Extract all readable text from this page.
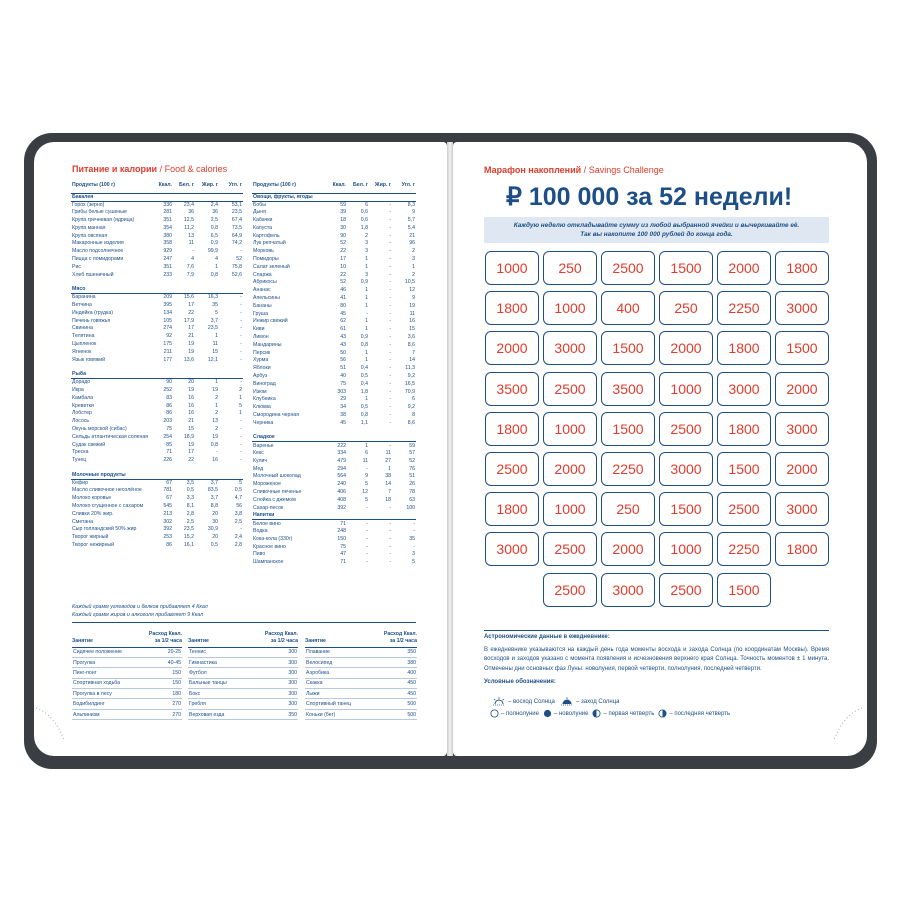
Питание и калории / Food & calories
Продукты (100 г)	Ккал.	Бел. г	Жир. г	Угл. г
Бакалея				
Горох (зерно)	336	23,4	2,4	53,1
Грибы белые сушеные	281	36	36	23,5
Крупа гречневая (ядрица)	351	12,5	2,5	67,4
Крупа манная	354	11,2	0,8	73,5
Крупа овсяная	380	13	6,5	64,9
Макаронные изделия	358	11	0,9	74,2
Масло подсолнечное	929	-	99,9	-
Пицца с помидорами	247	4	4	52
Рис	351	7,6	1	75,8
Хлеб пшеничный	233	7,9	0,8	52,6

Мясо				
Баранина	209	15,6	16,3	-
Ветчина	395	17	35	-
Индейка (грудка)	134	22	5	-
Печень говяжья	105	17,9	3,7	-
Свинина	274	17	23,5	-
Телятина	92	21	1	-
Цыпленок	175	19	11	-
Ягненок	211	19	15	-
Язык говяжий	177	13,6	12,1	-

Рыба				
Дорадо	90	20	1	-
Икра	252	19	19	2
Камбала	83	16	2	1
Креветки	86	16	1	5
Лобстер	86	16	2	1
Лосось	203	21	13	-
Окунь морской (сибас)	75	15	2	-
Сельдь атлантическая соленая	254	18,9	19	-
Судак свежий	85	19	0,8	-
Треска	71	17	-	-
Тунец	226	22	16	-

Молочные продукты				
Кефир	67	3,5	3,7	5
Масло сливочное несолёное	781	0,5	83,5	0,5
Молоко коровье	67	3,3	3,7	4,7
Молоко сгущенное с сахаром	545	8,1	8,8	56
Сливки 20% жир.	213	2,8	20	3,8
Сметана	302	2,5	30	2,5
Сыр голландский 50% жир	392	23,5	30,9	-
Творог жирный	253	15,2	20	2,4
Творог нежирный	86	16,1	0,5	2,8
Продукты (100 г)	Ккал.	Бел. г	Жир. г	Угл. г
Овощи, фрукты, ягоды				
Бобы	59	6	-	8,3
Дыня	39	0,6	-	9
Кабачки	18	0,6	-	5,7
Капуста	30	1,8	-	5,4
Картофель	90	2	-	21
Лук репчатый	52	3	-	96
Морковь	22	3	-	2
Помидоры	17	1	-	3
Салат зеленый	10	1	-	1
Спаржа	22	3	-	2
Абрикосы	52	0,9	-	10,5
Ананас	46	1	-	12
Апельсины	41	1	-	9
Бананы	80	1	-	19
Груша	45	-	-	11
Инжир свежий	62	1	-	16
Киви	61	1	-	15
Лимон	43	0,9	-	3,6
Мандарины	43	0,8	-	8,6
Персик	50	1	-	7
Хурма	56	1	-	14
Яблоки	51	0,4	-	11,3
Арбуз	40	0,5	-	9,2
Виноград	75	0,4	-	16,5
Изюм	303	1,8	-	70,9
Клубника	29	1	-	6
Клюква	34	0,5	-	9,2
Смородина черная	38	0,8	-	8
Черника	45	1,1	-	8,6

Сладкое				
Варенье	222	1	-	59
Кекс	334	6	11	57
Кулич	479	11	27	52
Мед	294	-	1	76
Молочный шоколад	564	9	38	51
Мороженое	240	5	14	26
Сливочные печенье	406	12	7	78
Слойка с джемом	408	5	18	63
Сахар-песок	392	-	-	100
Напитки				
Белое вино	71	-	-	-
Водка	248	-	-	-
Кока-кола (330г)	150	-	-	35
Красное вино	75	-	-	-
Пиво	47	-	-	3
Шампанское	71	-	-	5
Каждый грамм углеводов и белков прибавляет 4 Ккал
Каждый грамм жиров и алкоголя прибавляет 9 Ккал
Занятие	Расход Ккал. за 1/2 часа
Сидячее положение	20-25
Прогулка	40-45
Пинг-понг	150
Спортивная ходьба	150
Прогулка в лесу	180
Бодибилдинг	270
Альпинизм	270
Занятие	Расход Ккал. за 1/2 часа
Теннис	300
Гимнастика	300
Футбол	300
Бальные танцы	300
Бокс	300
Гребля	300
Верховая езда	350
Занятие	Расход Ккал. за 1/2 часа
Плавание	350
Велосипед	380
Аэробика	400
Скакка	450
Лыжи	450
Спортивный танец	500
Коньки (бег)	500
Марафон накоплений / Savings Challenge
₽ 100 000 за 52 недели!
Каждую неделю откладывайте сумму из любой выбранной ячейки и вычеркивайте её.
Так вы накопите 100 000 рублей до конца года.
1000	250	2500	1500	2000	1800
1800	1000	400	250	2250	3000
2000	3000	1500	2000	1800	1500
3500	2500	3500	1000	3000	2000
1800	1000	1500	2500	1800	3000
2500	2000	2250	3000	1500	2000
1800	1000	250	1500	2500	3000
3000	2500	2000	1000	2250	1800
2500	3000	2500	1500
Астрономические данные в ежедневнике:
В ежедневнике указываются на каждый день года моменты восхода и захода Солнца (по координатам Москвы). Время восходов и заходов указано с момента появления и исчезновения верхнего края Солнца. Точность моментов ± 1 минута. Отмечены дни основных фаз Луны: новолуния, первой четверти, полнолуния, последней четверти.
Условные обозначения:
– восход Солнца	– заход Солнца
– полнолуние	– новолуние	– первая четверть	– последняя четверть
